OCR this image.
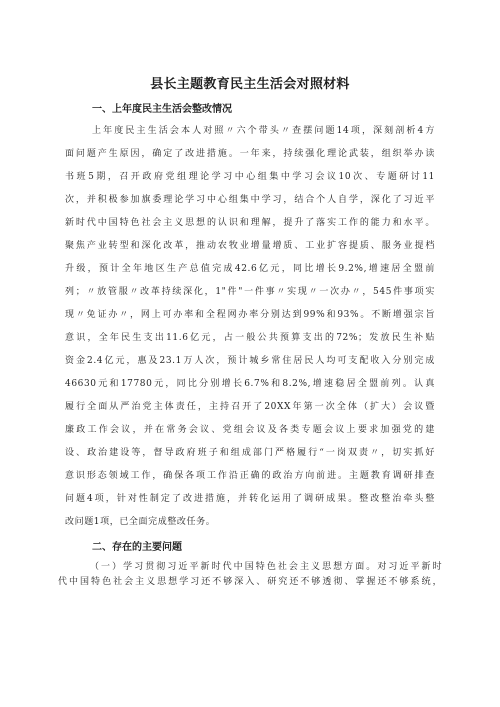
县长主题教育民主生活会对照材料
一、上年度民主生活会整改情况
上年度民主生活会本人对照〃六个带头〃查摆问题14项，深刻剖析4方
面问题产生原因，确定了改进措施。一年来，持续强化理论武装，组织举办读
书班5期，召开政府党组理论学习中心组集中学习会议10次、专题研讨11
次，并积极参加旗委理论学习中心组集中学习，结合个人自学，深化了习近平
新时代中国特色社会主义思想的认识和理解，提升了落实工作的能力和水平。
聚焦产业转型和深化改革，推动农牧业增量增质、工业扩容提质、服务业提档
升级，预计全年地区生产总值完成42.6亿元，同比增长9.2%,增速居全盟前
列；〃放管服〃改革持续深化，1"件"一件事〃实现〃一次办〃，545件事项实
现〃免证办〃，网上可办率和全程网办率分别达到99%和93%。不断增强宗旨
意识，全年民生支出11.6亿元，占一般公共预算支出的72%；发放民生补贴
资金2.4亿元，惠及23.1万人次，预计城乡常住居民人均可支配收入分别完成
46630元和17780元，同比分别增长6.7%和8.2%,增速稳居全盟前列。认真
履行全面从严治党主体责任，主持召开了20XX年第一次全体（扩大）会议暨
廉政工作会议，并在常务会议、党组会议及各类专题会议上要求加强党的建
设、政治建设等，督导政府班子和组成部门严格履行“一岗双责〃，切实抓好
意识形态领域工作，确保各项工作沿正确的政治方向前进。主题教育调研排查
问题4项，针对性制定了改进措施，并转化运用了调研成果。整改整治牵头整
改问题1项，已全面完成整改任务。
二、存在的主要问题
（一）学习贯彻习近平新时代中国特色社会主义思想方面。对习近平新时
代中国特色社会主义思想学习还不够深入、研究还不够透彻、掌握还不够系统，
